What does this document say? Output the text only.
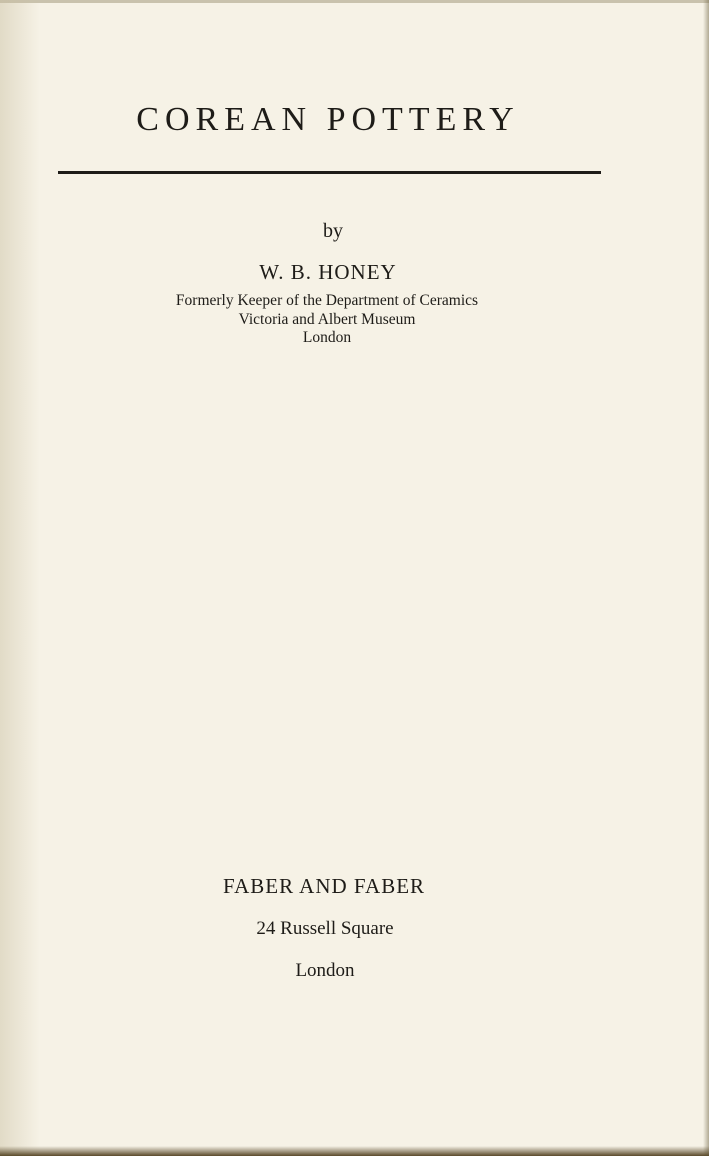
COREAN POTTERY
by
W. B. HONEY
Formerly Keeper of the Department of Ceramics
Victoria and Albert Museum
London
FABER AND FABER
24 Russell Square
London
